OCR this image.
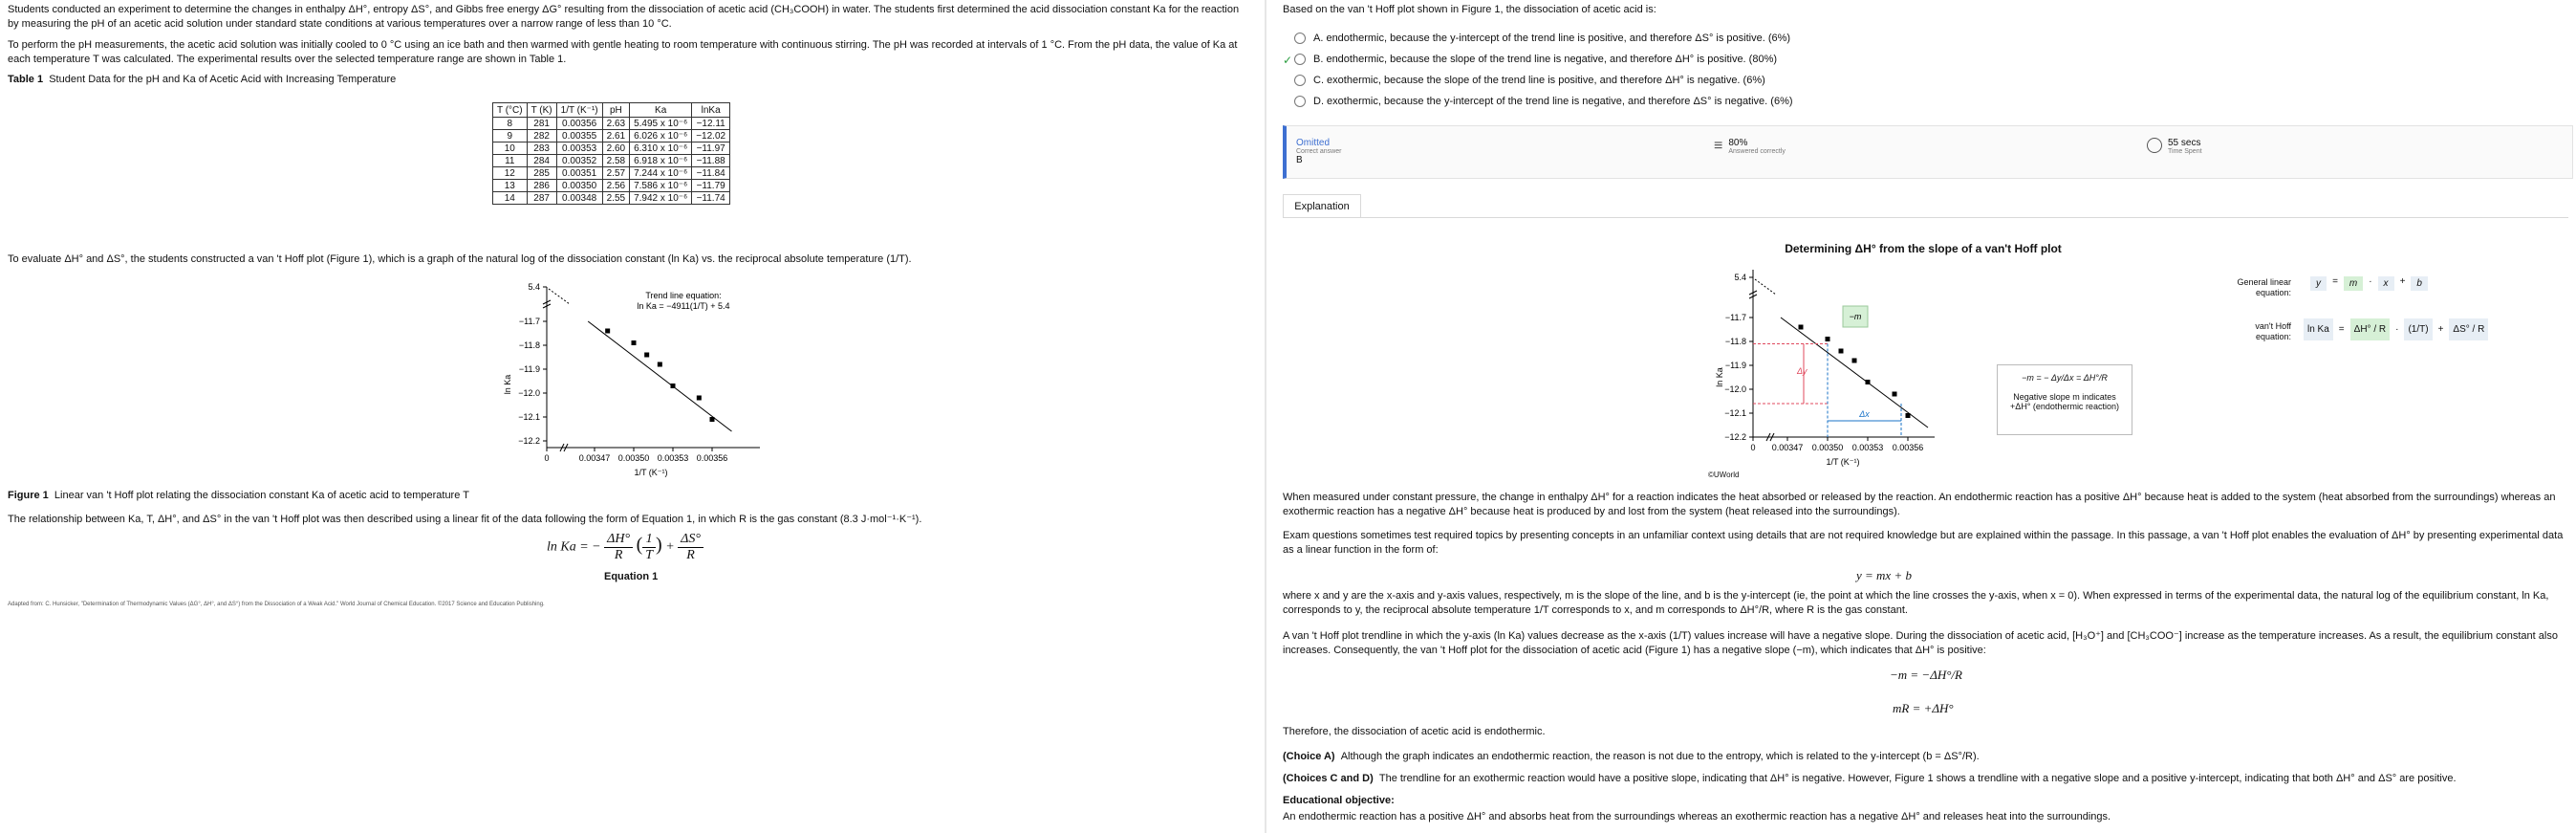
Students conducted an experiment to determine the changes in enthalpy ΔH°, entropy ΔS°, and Gibbs free energy ΔG° resulting from the dissociation of acetic acid (CH₃COOH) in water. The students first determined the acid dissociation constant Ka for the reaction by measuring the pH of an acetic acid solution under standard state conditions at various temperatures over a narrow range of less than 10 °C.

To perform the pH measurements, the acetic acid solution was initially cooled to 0 °C using an ice bath and then warmed with gentle heating to room temperature with continuous stirring. The pH was recorded at intervals of 1 °C. From the pH data, the value of Ka at each temperature T was calculated. The experimental results over the selected temperature range are shown in Table 1.

Table 1 Student Data for the pH and Ka of Acetic Acid with Increasing Temperature

T (°C)	T (K)	1/T (K⁻¹)	pH	Ka	lnKa
8	281	0.00356	2.63	5.495 x 10⁻⁶	−12.11
9	282	0.00355	2.61	6.026 x 10⁻⁶	−12.02
10	283	0.00353	2.60	6.310 x 10⁻⁶	−11.97
11	284	0.00352	2.58	6.918 x 10⁻⁶	−11.88
12	285	0.00351	2.57	7.244 x 10⁻⁶	−11.84
13	286	0.00350	2.56	7.586 x 10⁻⁶	−11.79
14	287	0.00348	2.55	7.942 x 10⁻⁶	−11.74

To evaluate ΔH° and ΔS°, the students constructed a van 't Hoff plot (Figure 1), which is a graph of the natural log of the dissociation constant (ln Ka) vs. the reciprocal absolute temperature (1/T).

5.4
−11.7
−11.8
−11.9
−12.0
−12.1
−12.2
0	0.00347 0.00350 0.00353 0.00356
1/T (K⁻¹)
ln Ka
Trend line equation:
ln Ka = −4911(1/T) + 5.4

Figure 1 Linear van 't Hoff plot relating the dissociation constant Ka of acetic acid to temperature T

The relationship between Ka, T, ΔH°, and ΔS° in the van 't Hoff plot was then described using a linear fit of the data following the form of Equation 1, in which R is the gas constant (8.3 J·mol⁻¹·K⁻¹).

ln Ka = − $\frac{\Delta H^\circ}{R}$ ( $\frac{1}{T}$ ) + $\frac{\Delta S^\circ}{R}$

Equation 1

Adapted from: C. Hunsicker, "Determination of Thermodynamic Values (ΔG°, ΔH°, and ΔS°) from the Dissociation of a Weak Acid." World Journal of Chemical Education. ©2017 Science and Education Publishing.

Based on the van 't Hoff plot shown in Figure 1, the dissociation of acetic acid is:

✓
A. endothermic, because the y-intercept of the trend line is positive, and therefore ΔS° is positive. (6%)
B. endothermic, because the slope of the trend line is negative, and therefore ΔH° is positive. (80%)
C. exothermic, because the slope of the trend line is positive, and therefore ΔH° is negative. (6%)
D. exothermic, because the y-intercept of the trend line is negative, and therefore ΔS° is negative. (6%)
Omitted
Correct answer
B
≡ 80%
Answered correctly
55 secs
Time Spent
Explanation
Determining ΔH° from the slope of a van't Hoff plot
5.4
−11.7
−11.8
−11.9
−12.0
−12.1
−12.2
0 0.00347 0.00350 0.00353 0.00356
1/T (K⁻¹)
ln Ka	Δy
Δx
−m
General linear equation:
y	=	m	·	x	+	b
van't Hoff equation:
ln Ka	=	ΔH° / R	·	(1/T)	+	ΔS° / R
−m = − Δy/Δx = ΔH°/R
Negative slope m indicates +ΔH° (endothermic reaction)
©UWorld

When measured under constant pressure, the change in enthalpy ΔH° for a reaction indicates the heat absorbed or released by the reaction. An endothermic reaction has a positive ΔH° because heat is added to the system (heat absorbed from the surroundings) whereas an exothermic reaction has a negative ΔH° because heat is produced by and lost from the system (heat released into the surroundings).

Exam questions sometimes test required topics by presenting concepts in an unfamiliar context using details that are not required knowledge but are explained within the passage. In this passage, a van 't Hoff plot enables the evaluation of ΔH° by presenting experimental data as a linear function in the form of:

y = mx + b

where x and y are the x-axis and y-axis values, respectively, m is the slope of the line, and b is the y-intercept (ie, the point at which the line crosses the y-axis, when x = 0). When expressed in terms of the experimental data, the natural log of the equilibrium constant, ln Ka, corresponds to y, the reciprocal absolute temperature 1/T corresponds to x, and m corresponds to ΔH°/R, where R is the gas constant.

A van 't Hoff plot trendline in which the y-axis (ln Ka) values decrease as the x-axis (1/T) values increase will have a negative slope. During the dissociation of acetic acid, [H₃O⁺] and [CH₃COO⁻] increase as the temperature increases. As a result, the equilibrium constant also increases. Consequently, the van 't Hoff plot for the dissociation of acetic acid (Figure 1) has a negative slope (−m), which indicates that ΔH° is positive:

−m = −ΔH°/R
mR = +ΔH°

Therefore, the dissociation of acetic acid is endothermic.

(Choice A) Although the graph indicates an endothermic reaction, the reason is not due to the entropy, which is related to the y-intercept (b = ΔS°/R).

(Choices C and D) The trendline for an exothermic reaction would have a positive slope, indicating that ΔH° is negative. However, Figure 1 shows a trendline with a negative slope and a positive y-intercept, indicating that both ΔH° and ΔS° are positive.

Educational objective:

An endothermic reaction has a positive ΔH° and absorbs heat from the surroundings whereas an exothermic reaction has a negative ΔH° and releases heat into the surroundings.
